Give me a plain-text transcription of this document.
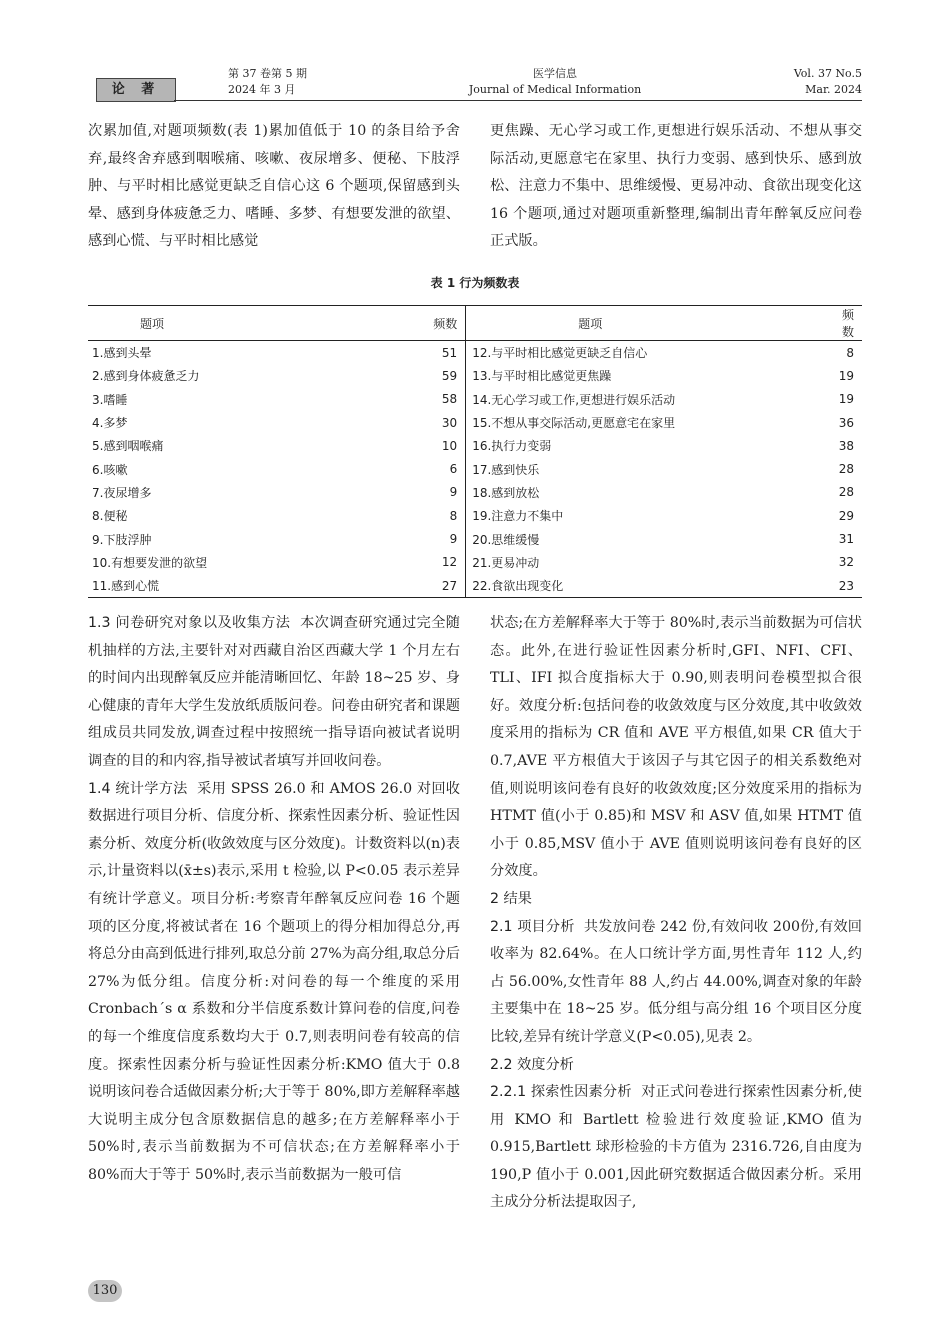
论 著
第 37 卷第 5 期
2024 年 3 月
医学信息
Journal of Medical Information
Vol. 37 No.5
Mar. 2024

次累加值,对题项频数(表 1)累加值低于 10 的条目给予舍弃,最终舍弃感到咽喉痛、咳嗽、夜尿增多、便秘、下肢浮肿、与平时相比感觉更缺乏自信心这 6 个题项,保留感到头晕、感到身体疲惫乏力、嗜睡、多梦、有想要发泄的欲望、感到心慌、与平时相比感觉

更焦躁、无心学习或工作,更想进行娱乐活动、不想从事交际活动,更愿意宅在家里、执行力变弱、感到快乐、感到放松、注意力不集中、思维缓慢、更易冲动、食欲出现变化这 16 个题项,通过对题项重新整理,编制出青年醉氧反应问卷正式版。

表 1 行为频数表
题项	频数	题项	频数
1.感到头晕	51	12.与平时相比感觉更缺乏自信心	8
2.感到身体疲惫乏力	59	13.与平时相比感觉更焦躁	19
3.嗜睡	58	14.无心学习或工作,更想进行娱乐活动	19
4.多梦	30	15.不想从事交际活动,更愿意宅在家里	36
5.感到咽喉痛	10	16.执行力变弱	38
6.咳嗽	6	17.感到快乐	28
7.夜尿增多	9	18.感到放松	28
8.便秘	8	19.注意力不集中	29
9.下肢浮肿	9	20.思维缓慢	31
10.有想要发泄的欲望	12	21.更易冲动	32
11.感到心慌	27	22.食欲出现变化	23

1.3 问卷研究对象以及收集方法 本次调查研究通过完全随机抽样的方法,主要针对对西藏自治区西藏大学 1 个月左右的时间内出现醉氧反应并能清晰回忆、年龄 18~25 岁、身心健康的青年大学生发放纸质版问卷。问卷由研究者和课题组成员共同发放,调查过程中按照统一指导语向被试者说明调查的目的和内容,指导被试者填写并回收问卷。

1.4 统计学方法 采用 SPSS 26.0 和 AMOS 26.0 对回收数据进行项目分析、信度分析、探索性因素分析、验证性因素分析、效度分析(收敛效度与区分效度)。计数资料以(n)表示,计量资料以(x̄±s)表示,采用 t 检验,以 P<0.05 表示差异有统计学意义。项目分析:考察青年醉氧反应问卷 16 个题项的区分度,将被试者在 16 个题项上的得分相加得总分,再将总分由高到低进行排列,取总分前 27%为高分组,取总分后 27%为低分组。信度分析:对问卷的每一个维度的采用 Cronbach´s α 系数和分半信度系数计算问卷的信度,问卷的每一个维度信度系数均大于 0.7,则表明问卷有较高的信度。探索性因素分析与验证性因素分析:KMO 值大于 0.8 说明该问卷合适做因素分析;大于等于 80%,即方差解释率越大说明主成分包含原数据信息的越多;在方差解释率小于 50%时,表示当前数据为不可信状态;在方差解释率小于 80%而大于等于 50%时,表示当前数据为一般可信

状态;在方差解释率大于等于 80%时,表示当前数据为可信状态。此外,在进行验证性因素分析时,GFI、NFI、CFI、TLI、IFI 拟合度指标大于 0.90,则表明问卷模型拟合很好。效度分析:包括问卷的收敛效度与区分效度,其中收敛效度采用的指标为 CR 值和 AVE 平方根值,如果 CR 值大于 0.7,AVE 平方根值大于该因子与其它因子的相关系数绝对值,则说明该问卷有良好的收敛效度;区分效度采用的指标为 HTMT 值(小于 0.85)和 MSV 和 ASV 值,如果 HTMT 值小于 0.85,MSV 值小于 AVE 值则说明该问卷有良好的区分效度。

2 结果

2.1 项目分析 共发放问卷 242 份,有效问收 200份,有效回收率为 82.64%。在人口统计学方面,男性青年 112 人,约占 56.00%,女性青年 88 人,约占 44.00%,调查对象的年龄主要集中在 18~25 岁。低分组与高分组 16 个项目区分度比较,差异有统计学意义(P<0.05),见表 2。

2.2 效度分析

2.2.1 探索性因素分析 对正式问卷进行探索性因素分析,使用 KMO 和 Bartlett 检验进行效度验证,KMO 值为 0.915,Bartlett 球形检验的卡方值为 2316.726,自由度为 190,P 值小于 0.001,因此研究数据适合做因素分析。采用主成分分析法提取因子,

130
